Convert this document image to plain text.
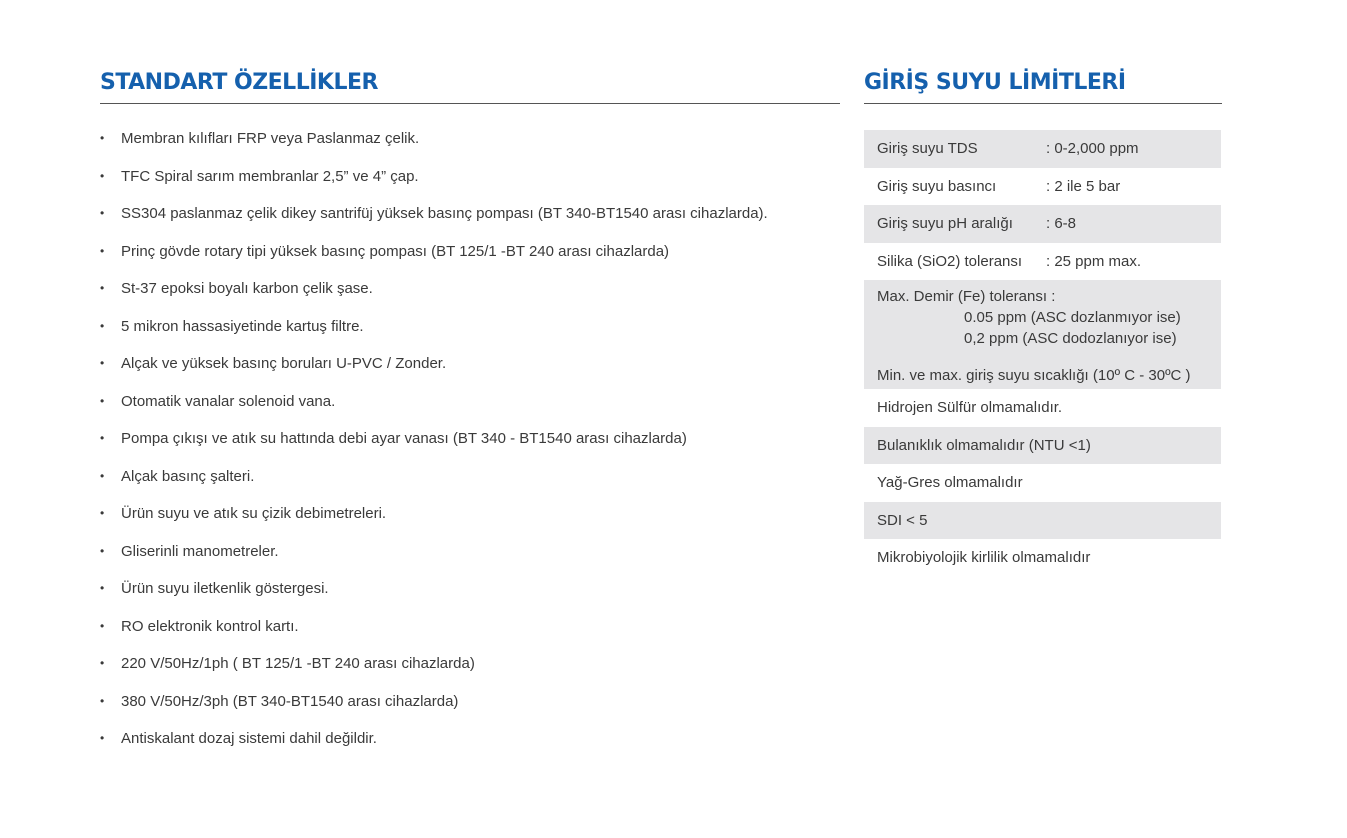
STANDART ÖZELLİKLER
• Membran kılıfları FRP veya Paslanmaz çelik.
• TFC Spiral sarım membranlar 2,5” ve 4” çap.
• SS304 paslanmaz çelik dikey santrifüj yüksek basınç pompası (BT 340-BT1540 arası cihazlarda).
• Prinç gövde rotary tipi yüksek basınç pompası (BT 125/1 -BT 240 arası cihazlarda)
• St-37 epoksi boyalı karbon çelik şase.
• 5 mikron hassasiyetinde kartuş filtre.
• Alçak ve yüksek basınç boruları U-PVC / Zonder.
• Otomatik vanalar solenoid vana.
• Pompa çıkışı ve atık su hattında debi ayar vanası (BT 340 - BT1540 arası cihazlarda)
• Alçak basınç şalteri.
• Ürün suyu ve atık su çizik debimetreleri.
• Gliserinli manometreler.
• Ürün suyu iletkenlik göstergesi.
• RO elektronik kontrol kartı.
• 220 V/50Hz/1ph ( BT 125/1 -BT 240 arası cihazlarda)
• 380 V/50Hz/3ph (BT 340-BT1540 arası cihazlarda)
• Antiskalant dozaj sistemi dahil değildir.
GİRİŞ SUYU LİMİTLERİ
Giriş suyu TDS	: 0-2,000 ppm
Giriş suyu basıncı	: 2 ile 5 bar
Giriş suyu pH aralığı	: 6-8
Silika (SiO2) toleransı	: 25 ppm max.
Max. Demir (Fe) toleransı :
0.05 ppm (ASC dozlanmıyor ise)
0,2 ppm (ASC dodozlanıyor ise)
Min. ve max. giriş suyu sıcaklığı (10º C - 30ºC )
Hidrojen Sülfür olmamalıdır.
Bulanıklık olmamalıdır (NTU <1)
Yağ-Gres olmamalıdır
SDI < 5
Mikrobiyolojik kirlilik olmamalıdır
